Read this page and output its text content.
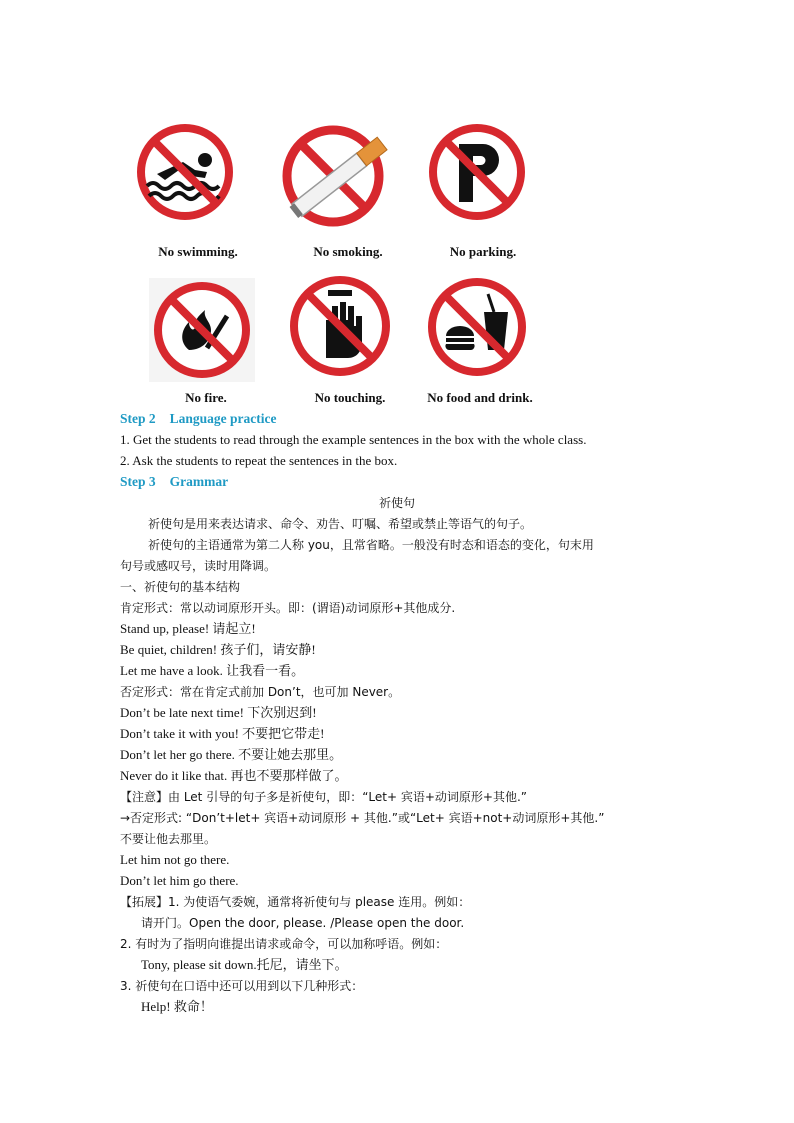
No swimming.	No smoking.	No parking.
No fire.	No touching.	No food and drink.
Step 2 Language practice
1. Get the students to read through the example sentences in the box with the whole class.
2. Ask the students to repeat the sentences in the box.
Step 3 Grammar
祈使句
祈使句是用来表达请求、命令、劝告、叮嘱、希望或禁止等语气的句子。
祈使句的主语通常为第二人称 you，且常省略。一般没有时态和语态的变化，句末用
句号或感叹号，读时用降调。
一、祈使句的基本结构
肯定形式：常以动词原形开头。即：(谓语)动词原形+其他成分.
Stand up, please! 请起立!
Be quiet, children! 孩子们，请安静!
Let me have a look. 让我看一看。
否定形式：常在肯定式前加 Don’t，也可加 Never。
Don’t be late next time! 下次别迟到!
Don’t take it with you! 不要把它带走!
Don’t let her go there. 不要让她去那里。
Never do it like that. 再也不要那样做了。
【注意】由 Let 引导的句子多是祈使句，即：“Let+ 宾语+动词原形+其他.”
→否定形式: “Don’t+let+ 宾语+动词原形 + 其他.”或“Let+ 宾语+not+动词原形+其他.”
不要让他去那里。
Let him not go there.
Don’t let him go there.
【拓展】1. 为使语气委婉，通常将祈使句与 please 连用。例如：
请开门。Open the door, please. /Please open the door.
2. 有时为了指明向谁提出请求或命令，可以加称呼语。例如：
Tony, please sit down.托尼，请坐下。
3. 祈使句在口语中还可以用到以下几种形式：
Help! 救命！
